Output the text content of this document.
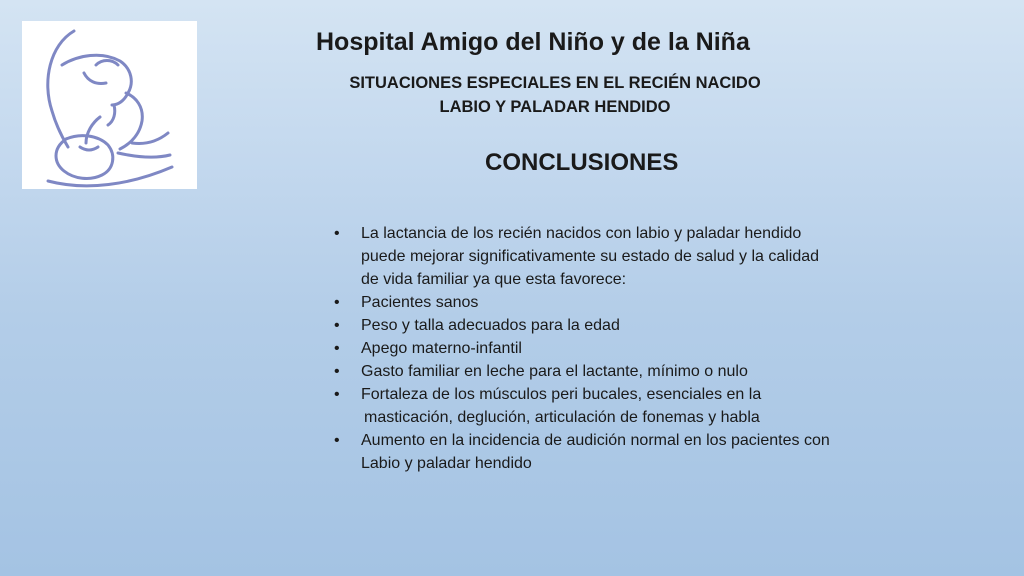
Hospital Amigo del Niño y de la Niña
SITUACIONES ESPECIALES EN EL RECIÉN NACIDO
LABIO Y PALADAR HENDIDO
CONCLUSIONES
• La lactancia de los recién nacidos con labio y paladar hendido puede mejorar significativamente su estado de salud y la calidad de vida familiar ya que esta favorece:
• Pacientes sanos
• Peso y talla adecuados para la edad
• Apego materno-infantil
• Gasto familiar en leche para el lactante, mínimo o nulo
• Fortaleza de los músculos peri bucales, esenciales en la
masticación, deglución, articulación de fonemas y habla
• Aumento en la incidencia de audición normal en los pacientes con Labio y paladar hendido
